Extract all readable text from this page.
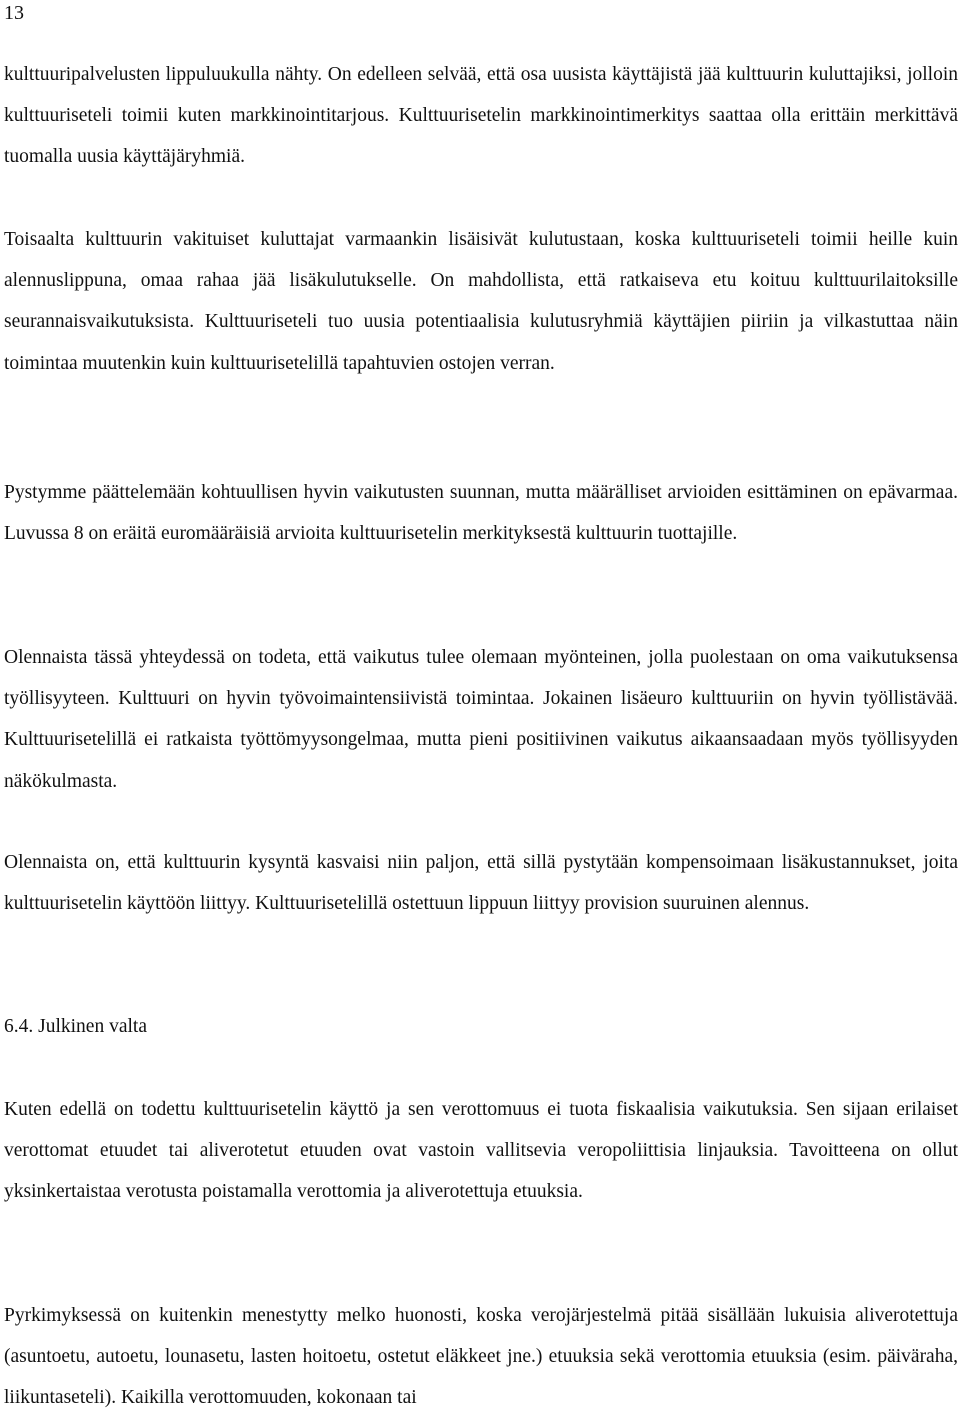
13

kulttuuripalvelusten lippuluukulla nähty. On edelleen selvää, että osa uusista käyttäjistä jää kulttuurin kuluttajiksi, jolloin kulttuuriseteli toimii kuten markkinointitarjous. Kulttuurisetelin markkinointimerkitys saattaa olla erittäin merkittävä tuomalla uusia käyttäjäryhmiä.

Toisaalta kulttuurin vakituiset kuluttajat varmaankin lisäisivät kulutustaan, koska kulttuuriseteli toimii heille kuin alennuslippuna, omaa rahaa jää lisäkulutukselle. On mahdollista, että ratkaiseva etu koituu kulttuurilaitoksille seurannaisvaikutuksista. Kulttuuriseteli tuo uusia potentiaalisia kulutusryhmiä käyttäjien piiriin ja vilkastuttaa näin toimintaa muutenkin kuin kulttuurisetelillä tapahtuvien ostojen verran.

Pystymme päättelemään kohtuullisen hyvin vaikutusten suunnan, mutta määrälliset arvioiden esittäminen on epävarmaa. Luvussa 8 on eräitä euromääräisiä arvioita kulttuurisetelin merkityksestä kulttuurin tuottajille.

Olennaista tässä yhteydessä on todeta, että vaikutus tulee olemaan myönteinen, jolla puolestaan on oma vaikutuksensa työllisyyteen. Kulttuuri on hyvin työvoimaintensiivistä toimintaa. Jokainen lisäeuro kulttuuriin on hyvin työllistävää. Kulttuurisetelillä ei ratkaista työttömyysongelmaa, mutta pieni positiivinen vaikutus aikaansaadaan myös työllisyyden näkökulmasta.

Olennaista on, että kulttuurin kysyntä kasvaisi niin paljon, että sillä pystytään kompensoimaan lisäkustannukset, joita kulttuurisetelin käyttöön liittyy. Kulttuurisetelillä ostettuun lippuun liittyy provision suuruinen alennus.

6.4. Julkinen valta

Kuten edellä on todettu kulttuurisetelin käyttö ja sen verottomuus ei tuota fiskaalisia vaikutuksia. Sen sijaan erilaiset verottomat etuudet tai aliverotetut etuuden ovat vastoin vallitsevia veropoliittisia linjauksia. Tavoitteena on ollut yksinkertaistaa verotusta poistamalla verottomia ja aliverotettuja etuuksia.

Pyrkimyksessä on kuitenkin menestytty melko huonosti, koska verojärjestelmä pitää sisällään lukuisia aliverotettuja (asuntoetu, autoetu, lounasetu, lasten hoitoetu, ostetut eläkkeet jne.) etuuksia sekä verottomia etuuksia (esim. päiväraha, liikuntaseteli). Kaikilla verottomuuden, kokonaan tai
